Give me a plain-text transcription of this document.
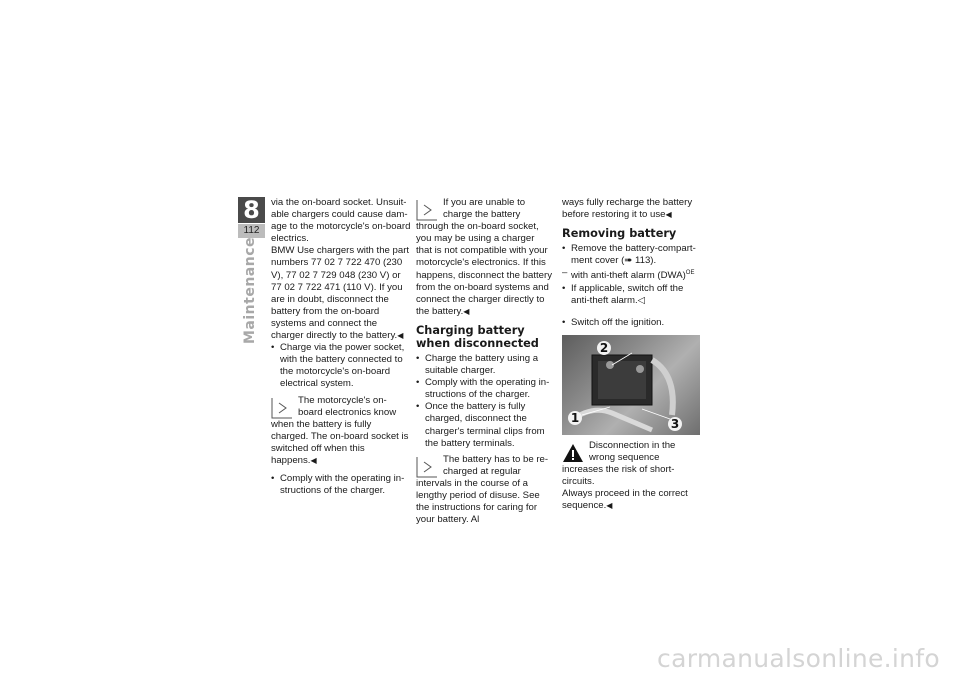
8
112
Maintenance

via the on-board socket. Unsuitable chargers could cause damage to the motorcycle's on-board electrics.

BMW Use chargers with the part numbers 77 02 7 722 470 (230 V), 77 02 7 729 048 (230 V) or 77 02 7 722 471 (110 V). If you are in doubt, disconnect the battery from the on-board systems and connect the charger directly to the battery.◀

• Charge via the power socket, with the battery connected to the motorcycle's on-board electrical system.

The motorcycle's on-board electronics know when the battery is fully charged. The on-board socket is switched off when this happens.◀

• Comply with the operating instructions of the charger.

If you are unable to charge the battery through the on-board socket, you may be using a charger that is not compatible with your motorcycle's electronics. If this happens, disconnect the battery from the on-board systems and connect the charger directly to the battery.◀

Charging battery when disconnected

• Charge the battery using a suitable charger.

• Comply with the operating instructions of the charger.

• Once the battery is fully charged, disconnect the charger's terminal clips from the battery terminals.

The battery has to be recharged at regular intervals in the course of a lengthy period of disuse. See the instructions for caring for your battery. Al

ways fully recharge the battery before restoring it to use◀

Removing battery

• Remove the battery-compartment cover (➠ 113).

– with anti-theft alarm (DWA)$^{OE}$

• If applicable, switch off the anti-theft alarm.◁

• Switch off the ignition.

1
2
3

Disconnection in the wrong sequence increases the risk of short-circuits.

Always proceed in the correct sequence.◀

carmanualsonline.info
